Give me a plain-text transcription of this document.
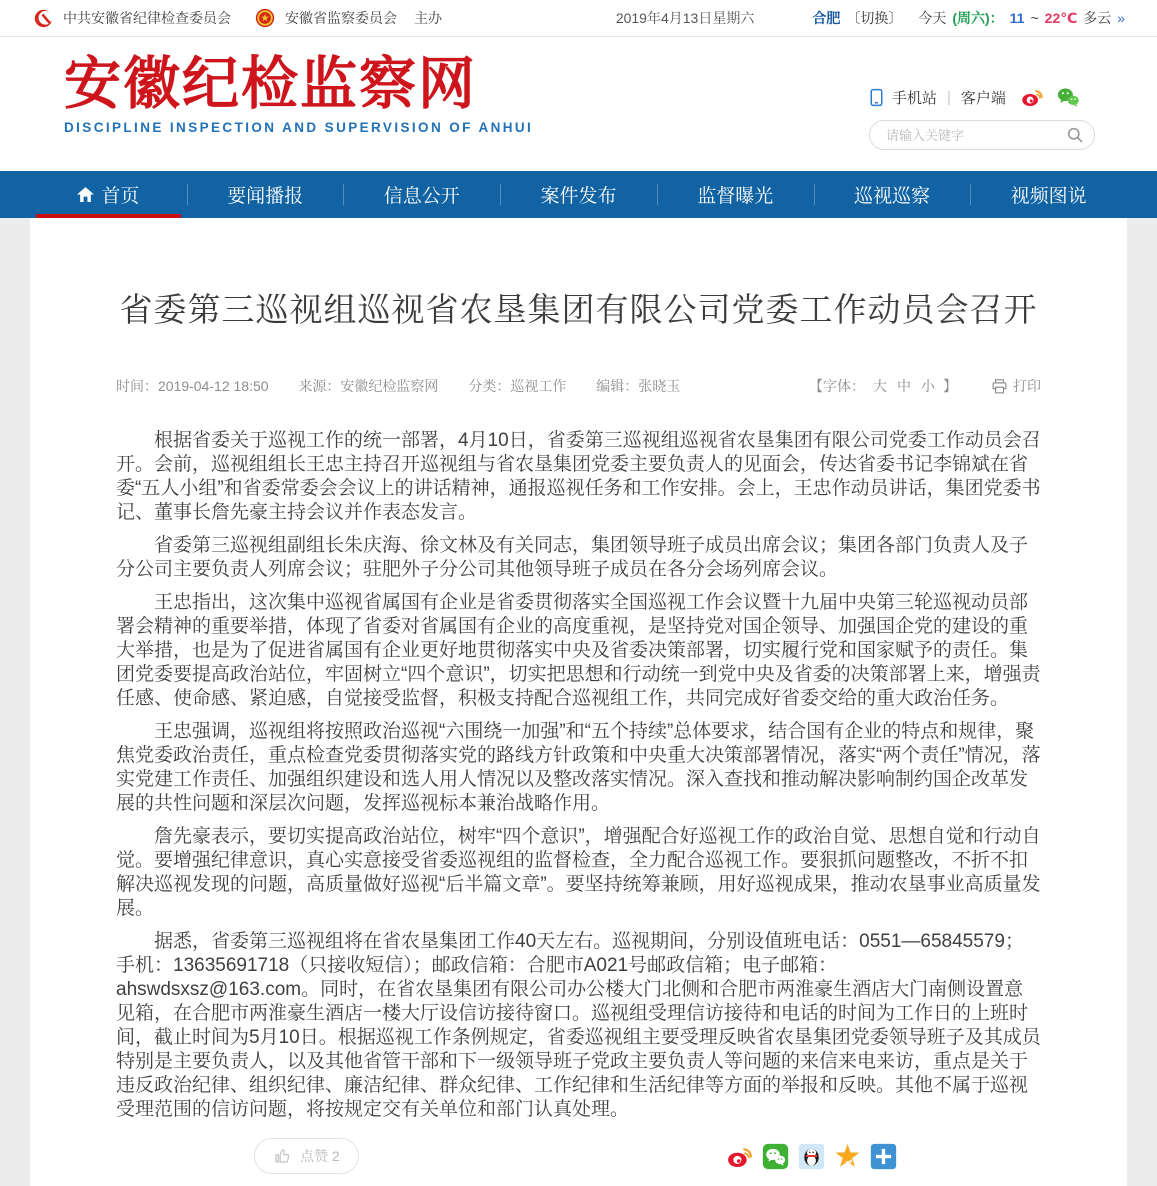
中共安徽省纪律检查委员会	安徽省监察委员会 主办	2019年4月13日星期六	合肥 〔切换〕 今天 (周六)： 11 ~ 22℃ 多云 »
安徽纪检监察网
DISCIPLINE INSPECTION AND SUPERVISION OF ANHUI
手机站 | 客户端
请输入关键字
首页	要闻播报	信息公开	案件发布	监督曝光	巡视巡察	视频图说
省委第三巡视组巡视省农垦集团有限公司党委工作动员会召开
时间：2019-04-12 18:50 来源：安徽纪检监察网 分类：巡视工作 编辑：张晓玉	【字体： 大 中 小 】	打印

根据省委关于巡视工作的统一部署，4月10日，省委第三巡视组巡视省农垦集团有限公司党委工作动员会召开。会前，巡视组组长王忠主持召开巡视组与省农垦集团党委主要负责人的见面会，传达省委书记李锦斌在省委“五人小组”和省委常委会会议上的讲话精神，通报巡视任务和工作安排。会上，王忠作动员讲话，集团党委书记、董事长詹先豪主持会议并作表态发言。

省委第三巡视组副组长朱庆海、徐文林及有关同志，集团领导班子成员出席会议；集团各部门负责人及子分公司主要负责人列席会议；驻肥外子分公司其他领导班子成员在各分会场列席会议。

王忠指出，这次集中巡视省属国有企业是省委贯彻落实全国巡视工作会议暨十九届中央第三轮巡视动员部署会精神的重要举措，体现了省委对省属国有企业的高度重视，是坚持党对国企领导、加强国企党的建设的重大举措，也是为了促进省属国有企业更好地贯彻落实中央及省委决策部署，切实履行党和国家赋予的责任。集团党委要提高政治站位，牢固树立“四个意识”，切实把思想和行动统一到党中央及省委的决策部署上来，增强责任感、使命感、紧迫感，自觉接受监督，积极支持配合巡视组工作，共同完成好省委交给的重大政治任务。

王忠强调，巡视组将按照政治巡视“六围绕一加强”和“五个持续”总体要求，结合国有企业的特点和规律，聚焦党委政治责任，重点检查党委贯彻落实党的路线方针政策和中央重大决策部署情况，落实“两个责任”情况，落实党建工作责任、加强组织建设和选人用人情况以及整改落实情况。深入查找和推动解决影响制约国企改革发展的共性问题和深层次问题，发挥巡视标本兼治战略作用。

詹先豪表示，要切实提高政治站位，树牢“四个意识”，增强配合好巡视工作的政治自觉、思想自觉和行动自觉。要增强纪律意识，真心实意接受省委巡视组的监督检查，全力配合巡视工作。要狠抓问题整改，不折不扣解决巡视发现的问题，高质量做好巡视“后半篇文章”。要坚持统筹兼顾，用好巡视成果，推动农垦事业高质量发展。

据悉，省委第三巡视组将在省农垦集团工作40天左右。巡视期间，分别设值班电话：0551—65845579；手机：13635691718（只接收短信）；邮政信箱：合肥市A021号邮政信箱；电子邮箱：ahswdsxsz@163.com。同时，在省农垦集团有限公司办公楼大门北侧和合肥市两淮豪生酒店大门南侧设置意见箱，在合肥市两淮豪生酒店一楼大厅设信访接待窗口。巡视组受理信访接待和电话的时间为工作日的上班时间，截止时间为5月10日。根据巡视工作条例规定，省委巡视组主要受理反映省农垦集团党委领导班子及其成员特别是主要负责人，以及其他省管干部和下一级领导班子党政主要负责人等问题的来信来电来访，重点是关于违反政治纪律、组织纪律、廉洁纪律、群众纪律、工作纪律和生活纪律等方面的举报和反映。其他不属于巡视受理范围的信访问题，将按规定交有关单位和部门认真处理。

点赞 2
